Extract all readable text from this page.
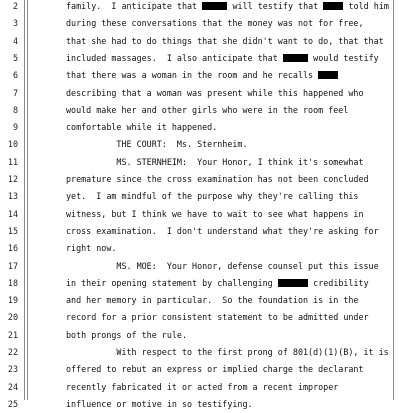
2	family.  I anticipate that	will testify that  told him
3	during these conversations that the money was not for free,
4	that she had to do things that she didn't want to do, that that
5	included massages.  I also anticipate that	would testify
6	that there was a woman in the room and he recalls
7	describing that a woman was present while this happened who
8	would make her and other girls who were in the room feel
9	comfortable while it happened.
10	THE COURT:  Ms. Sternheim.
11	MS. STERNHEIM:  Your Honor, I think it's somewhat
12	premature since the cross examination has not been concluded
13	yet.  I am mindful of the purpose why they're calling this
14	witness, but I think we have to wait to see what happens in
15	cross examination.  I don't understand what they're asking for
16	right now.
17	MS. MOE:  Your Honor, defense counsel put this issue
18	in their opening statement by challenging	credibility
19	and her memory in particular.  So the foundation is in the
20	record for a prior consistent statement to be admitted under
21	both prongs of the rule.
22	With respect to the first prong of 801(d)(1)(B), it is
23	offered to rebut an express or implied charge the declarant
24	recently fabricated it or acted from a recent improper
25	influence or motive in so testifying.
